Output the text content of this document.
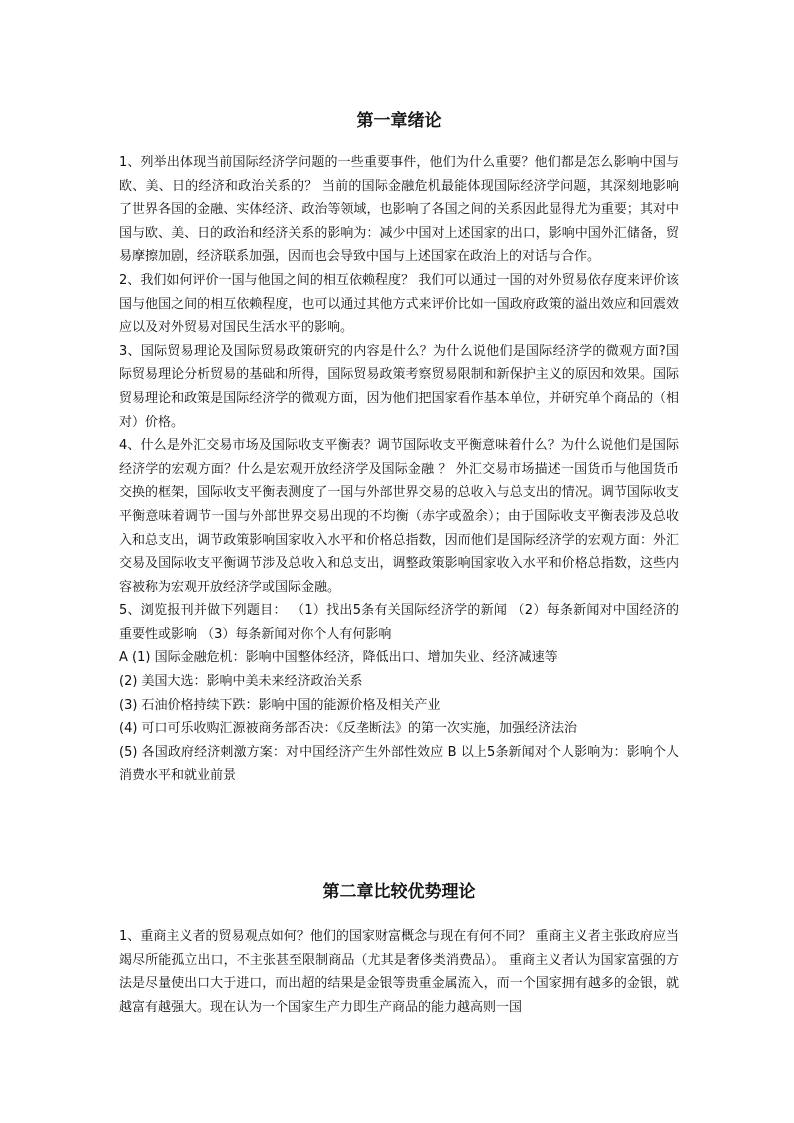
第一章绪论

1、列举出体现当前国际经济学问题的一些重要事件，他们为什么重要？他们都是怎么影响中国与欧、美、日的经济和政治关系的？ 当前的国际金融危机最能体现国际经济学问题，其深刻地影响了世界各国的金融、实体经济、政治等领域，也影响了各国之间的关系因此显得尤为重要；其对中国与欧、美、日的政治和经济关系的影响为：减少中国对上述国家的出口，影响中国外汇储备，贸易摩擦加剧，经济联系加强，因而也会导致中国与上述国家在政治上的对话与合作。

2、我们如何评价一国与他国之间的相互依赖程度？ 我们可以通过一国的对外贸易依存度来评价该国与他国之间的相互依赖程度，也可以通过其他方式来评价比如一国政府政策的溢出效应和回震效应以及对外贸易对国民生活水平的影响。

3、国际贸易理论及国际贸易政策研究的内容是什么？为什么说他们是国际经济学的微观方面?国际贸易理论分析贸易的基础和所得，国际贸易政策考察贸易限制和新保护主义的原因和效果。国际贸易理论和政策是国际经济学的微观方面，因为他们把国家看作基本单位，并研究单个商品的（相对）价格。

4、什么是外汇交易市场及国际收支平衡表？调节国际收支平衡意味着什么？为什么说他们是国际经济学的宏观方面？什么是宏观开放经济学及国际金融 ？ 外汇交易市场描述一国货币与他国货币交换的框架，国际收支平衡表测度了一国与外部世界交易的总收入与总支出的情况。调节国际收支平衡意味着调节一国与外部世界交易出现的不均衡（赤字或盈余）；由于国际收支平衡表涉及总收入和总支出，调节政策影响国家收入水平和价格总指数，因而他们是国际经济学的宏观方面：外汇交易及国际收支平衡调节涉及总收入和总支出，调整政策影响国家收入水平和价格总指数，这些内容被称为宏观开放经济学或国际金融。

5、浏览报刊并做下列题目： （1）找出5条有关国际经济学的新闻 （2）每条新闻对中国经济的重要性或影响 （3）每条新闻对你个人有何影响

A (1) 国际金融危机：影响中国整体经济，降低出口、增加失业、经济减速等

(2) 美国大选：影响中美未来经济政治关系

(3) 石油价格持续下跌：影响中国的能源价格及相关产业

(4) 可口可乐收购汇源被商务部否决：《反垄断法》的第一次实施，加强经济法治

(5) 各国政府经济刺激方案：对中国经济产生外部性效应 B 以上5条新闻对个人影响为：影响个人消费水平和就业前景

第二章比较优势理论

1、重商主义者的贸易观点如何？他们的国家财富概念与现在有何不同？ 重商主义者主张政府应当竭尽所能孤立出口，不主张甚至限制商品（尤其是奢侈类消费品）。 重商主义者认为国家富强的方法是尽量使出口大于进口，而出超的结果是金银等贵重金属流入，而一个国家拥有越多的金银，就越富有越强大。现在认为一个国家生产力即生产商品的能力越高则一国
